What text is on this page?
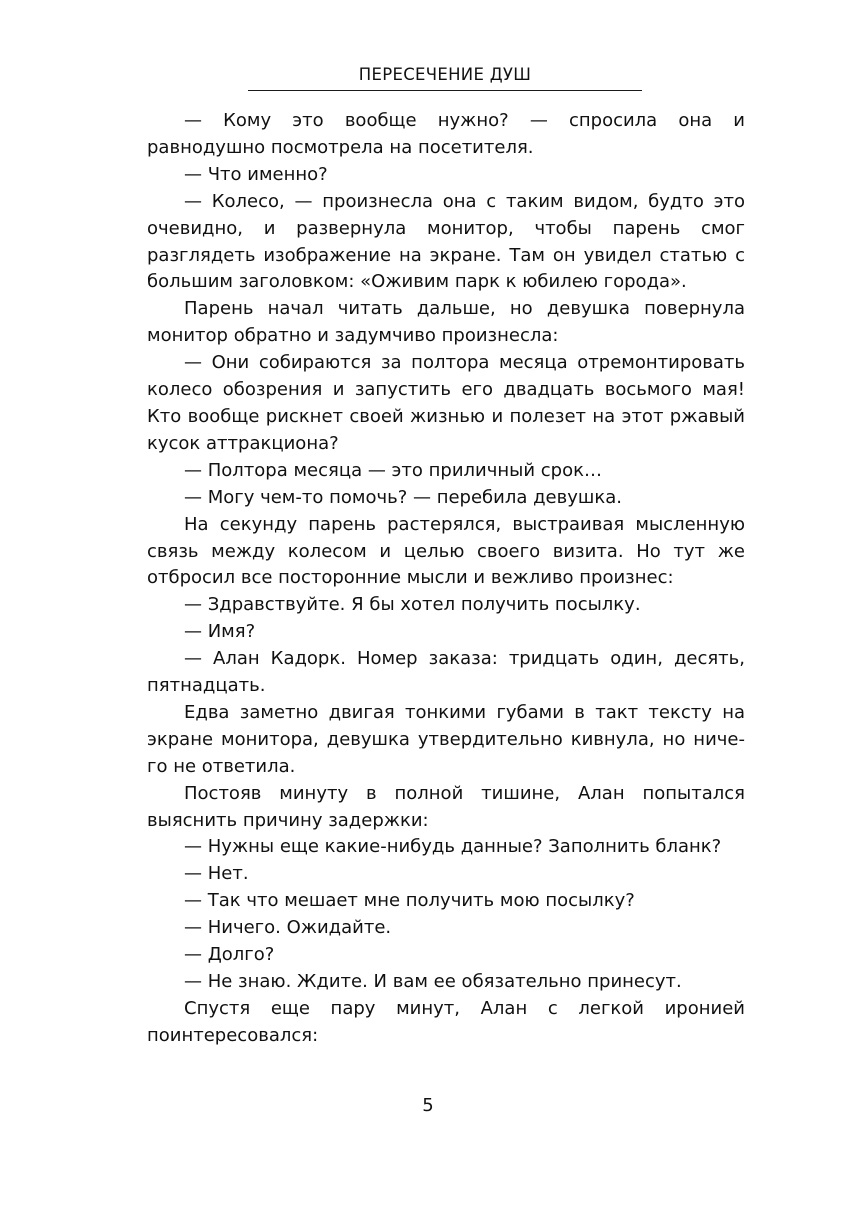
ПЕРЕСЕЧЕНИЕ ДУШ

— Кому это вообще нужно? — спросила она и равнодушно посмотрела на посетителя.

— Что именно?

— Колесо, — произнесла она с таким видом, будто это очевидно, и развернула монитор, чтобы парень смог разглядеть изображение на экране. Там он увидел статью с большим заголовком: «Оживим парк к юбилею города».

Парень начал читать дальше, но девушка повернула монитор обратно и задумчиво произнесла:

— Они собираются за полтора месяца отремонтировать колесо обозрения и запустить его двадцать восьмого мая! Кто вообще рискнет своей жизнью и полезет на этот ржавый кусок аттракциона?

— Полтора месяца — это приличный срок…

— Могу чем-то помочь? — перебила девушка.

На секунду парень растерялся, выстраивая мысленную связь между колесом и целью своего визита. Но тут же отбросил все посторонние мысли и вежливо произнес:

— Здравствуйте. Я бы хотел получить посылку.

— Имя?

— Алан Кадорк. Номер заказа: тридцать один, десять, пятнадцать.

Едва заметно двигая тонкими губами в такт тексту на экране монитора, девушка утвердительно кивнула, но ничего не ответила.

Постояв минуту в полной тишине, Алан попытался выяснить причину задержки:

— Нужны еще какие-нибудь данные? Заполнить бланк?

— Нет.

— Так что мешает мне получить мою посылку?

— Ничего. Ожидайте.

— Долго?

— Не знаю. Ждите. И вам ее обязательно принесут.

Спустя еще пару минут, Алан с легкой иронией поинтересовался:

5
